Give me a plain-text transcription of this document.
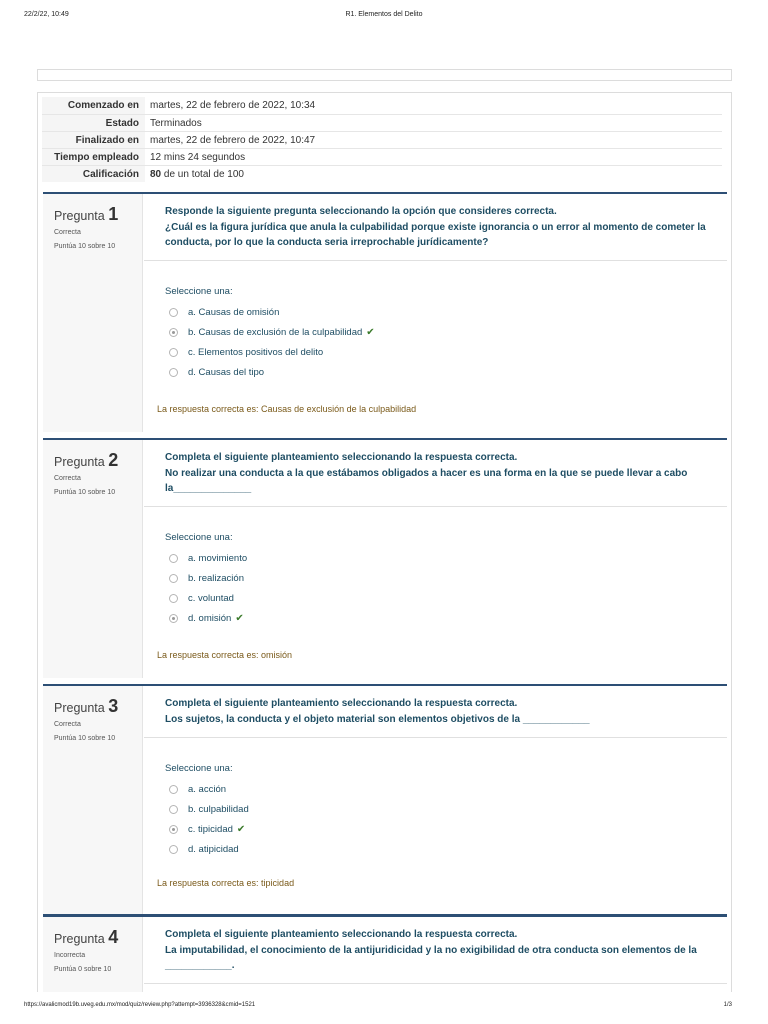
22/2/22, 10:49	R1. Elementos del Delito
Comenzado en	martes, 22 de febrero de 2022, 10:34
Estado	Terminados
Finalizado en	martes, 22 de febrero de 2022, 10:47
Tiempo empleado	12 mins 24 segundos
Calificación	80 de un total de 100
Pregunta 1
Correcta
Puntúa 10 sobre 10
Responde la siguiente pregunta seleccionando la opción que consideres correcta.
¿Cuál es la figura jurídica que anula la culpabilidad porque existe ignorancia o un error al momento de cometer la conducta, por lo que la conducta seria irreprochable jurídicamente?
Seleccione una:
a. Causas de omisión
b. Causas de exclusión de la culpabilidad ✔
c. Elementos positivos del delito
d. Causas del tipo
La respuesta correcta es: Causas de exclusión de la culpabilidad
Pregunta 2
Correcta
Puntúa 10 sobre 10
Completa el siguiente planteamiento seleccionando la respuesta correcta.
No realizar una conducta a la que estábamos obligados a hacer es una forma en la que se puede llevar a cabo la______________
Seleccione una:
a. movimiento
b. realización
c. voluntad
d. omisión ✔
La respuesta correcta es: omisión
Pregunta 3
Correcta
Puntúa 10 sobre 10
Completa el siguiente planteamiento seleccionando la respuesta correcta.
Los sujetos, la conducta y el objeto material son elementos objetivos de la ____________
Seleccione una:
a. acción
b. culpabilidad
c. tipicidad ✔
d. atipicidad
La respuesta correcta es: tipicidad
Pregunta 4
Incorrecta
Puntúa 0 sobre 10
Completa el siguiente planteamiento seleccionando la respuesta correcta.
La imputabilidad, el conocimiento de la antijuridicidad y la no exigibilidad de otra conducta son elementos de la ____________.
https://avalicmod19b.uveg.edu.mx/mod/quiz/review.php?attempt=3936328&cmid=1521	1/3
